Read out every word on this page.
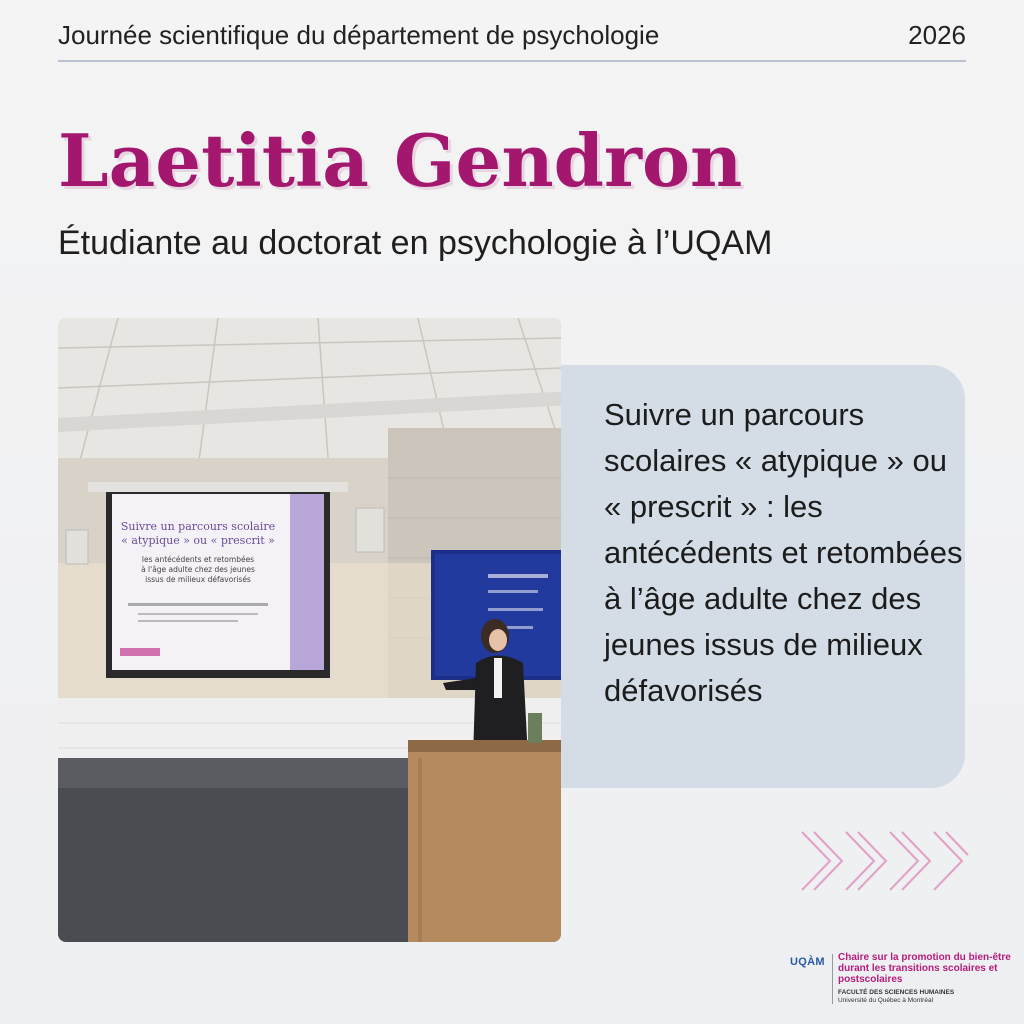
Journée scientifique du département de psychologie	2026
Laetitia Gendron
Étudiante au doctorat en psychologie à l’UQAM
Suivre un parcours scolaire
« atypique » ou « prescrit »
les antécédents et retombées
à l'âge adulte chez des jeunes
issus de milieux défavorisés
Suivre un parcours scolaires « atypique » ou « prescrit » : les antécédents et retombées à l’âge adulte chez des jeunes issus de milieux défavorisés
UQÀM Chaire sur la promotion du bien-être durant les transitions scolaires et postscolaires
FACULTÉ DES SCIENCES HUMAINES
Université du Québec à Montréal
